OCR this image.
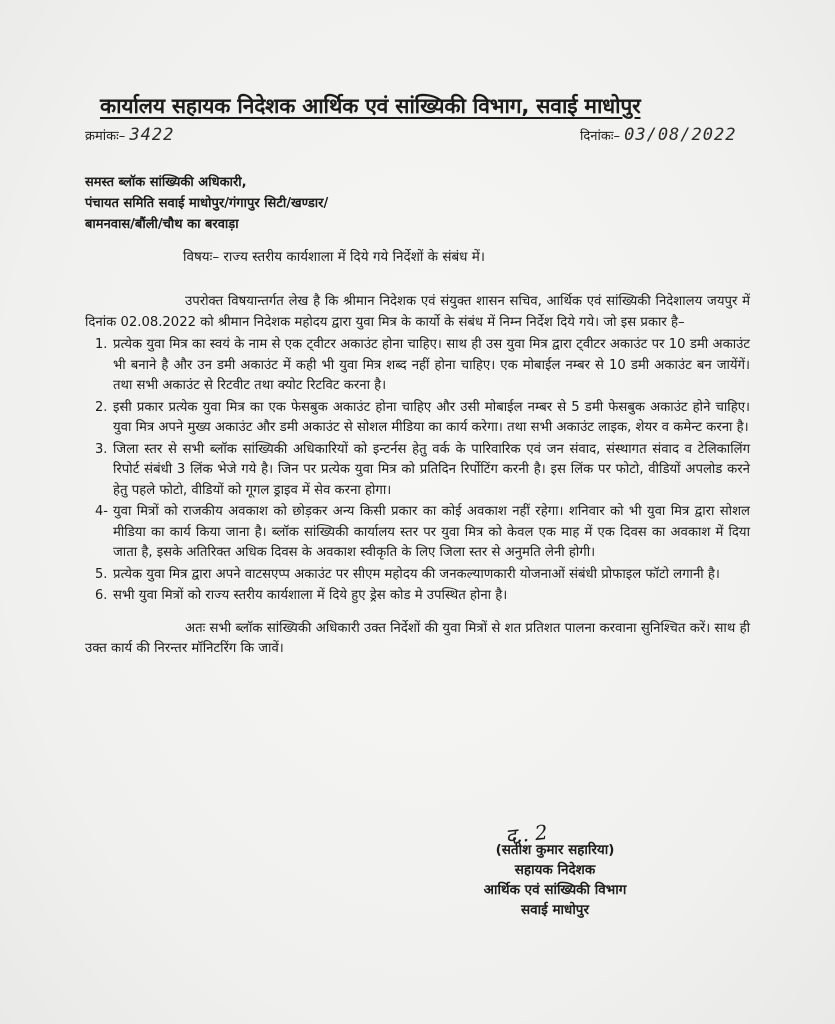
कार्यालय सहायक निदेशक आर्थिक एवं सांख्यिकी विभाग, सवाई माधोपुर
क्रमांकः– 3422	दिनांकः– 03/08/2022
समस्त ब्लॉक सांख्यिकी अधिकारी,
पंचायत समिति सवाई माधोपुर/गंगापुर सिटी/खण्डार/
बामनवास/बौंली/चौथ का बरवाड़ा
विषयः– राज्य स्तरीय कार्यशाला में दिये गये निर्देशों के संबंध में।

उपरोक्त विषयान्तर्गत लेख है कि श्रीमान निदेशक एवं संयुक्त शासन सचिव, आर्थिक एवं सांख्यिकी निदेशालय जयपुर में दिनांक 02.08.2022 को श्रीमान निदेशक महोदय द्वारा युवा मित्र के कार्यो के संबंध में निम्न निर्देश दिये गये। जो इस प्रकार है–

1. प्रत्येक युवा मित्र का स्वयं के नाम से एक ट्वीटर अकाउंट होना चाहिए। साथ ही उस युवा मित्र द्वारा ट्वीटर अकाउंट पर 10 डमी अकाउंट भी बनाने है और उन डमी अकाउंट में कही भी युवा मित्र शब्द नहीं होना चाहिए। एक मोबाईल नम्बर से 10 डमी अकाउंट बन जायेंगें। तथा सभी अकाउंट से रिटवीट तथा क्योट रिटविट करना है।
2. इसी प्रकार प्रत्येक युवा मित्र का एक फेसबुक अकाउंट होना चाहिए और उसी मोबाईल नम्बर से 5 डमी फेसबुक अकाउंट होने चाहिए। युवा मित्र अपने मुख्य अकाउंट और डमी अकाउंट से सोशल मीडिया का कार्य करेगा। तथा सभी अकाउंट लाइक, शेयर व कमेन्ट करना है।
3. जिला स्तर से सभी ब्लॉक सांख्यिकी अधिकारियों को इन्टर्नस हेतु वर्क के पारिवारिक एवं जन संवाद, संस्थागत संवाद व टेलिकालिंग रिपोर्ट संबंधी 3 लिंक भेजे गये है। जिन पर प्रत्येक युवा मित्र को प्रतिदिन रिर्पोटिंग करनी है। इस लिंक पर फोटो, वीडियों अपलोड करने हेतु पहले फोटो, वीडियों को गूगल ड्राइव में सेव करना होगा।
4- युवा मित्रों को राजकीय अवकाश को छोड़कर अन्य किसी प्रकार का कोई अवकाश नहीं रहेगा। शनिवार को भी युवा मित्र द्वारा सोशल मीडिया का कार्य किया जाना है। ब्लॉक सांख्यिकी कार्यालय स्तर पर युवा मित्र को केवल एक माह में एक दिवस का अवकाश में दिया जाता है, इसके अतिरिक्त अधिक दिवस के अवकाश स्वीकृति के लिए जिला स्तर से अनुमति लेनी होगी।
5. प्रत्येक युवा मित्र द्वारा अपने वाटसएप्प अकाउंट पर सीएम महोदय की जनकल्याणकारी योजनाओं संबंधी प्रोफाइल फॉटो लगानी है।
6. सभी युवा मित्रों को राज्य स्तरीय कार्यशाला में दिये हुए ड्रेस कोड मे उपस्थित होना है।

अतः सभी ब्लॉक सांख्यिकी अधिकारी उक्त निर्देशों की युवा मित्रों से शत प्रतिशत पालना करवाना सुनिश्चित करें। साथ ही उक्त कार्य की निरन्तर मॉनिटरिंग कि जावें।

द.. 2
(सतीश कुमार सहारिया)
सहायक निदेशक
आर्थिक एवं सांख्यिकी विभाग
सवाई माधोपुर
